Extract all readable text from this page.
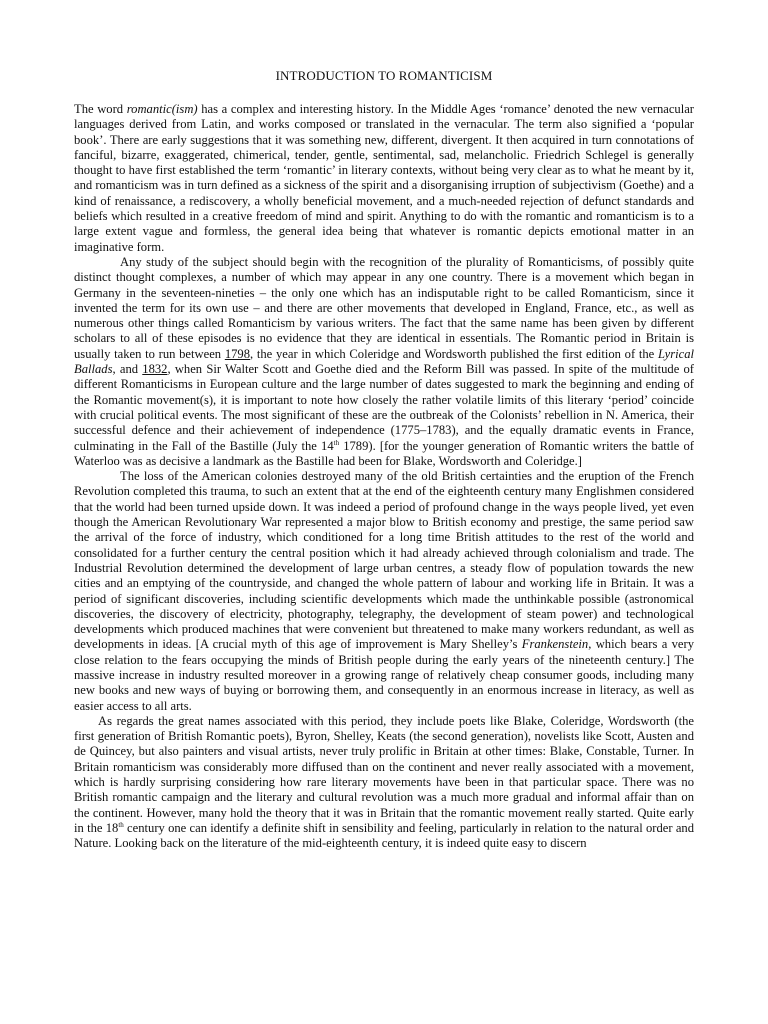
INTRODUCTION TO ROMANTICISM

The word romantic(ism) has a complex and interesting history. In the Middle Ages ‘romance’ denoted the new vernacular languages derived from Latin, and works composed or translated in the vernacular. The term also signified a ‘popular book’. There are early suggestions that it was something new, different, divergent. It then acquired in turn connotations of fanciful, bizarre, exaggerated, chimerical, tender, gentle, sentimental, sad, melancholic. Friedrich Schlegel is generally thought to have first established the term ‘romantic’ in literary contexts, without being very clear as to what he meant by it, and romanticism was in turn defined as a sickness of the spirit and a disorganising irruption of subjectivism (Goethe) and a kind of renaissance, a rediscovery, a wholly beneficial movement, and a much-needed rejection of defunct standards and beliefs which resulted in a creative freedom of mind and spirit. Anything to do with the romantic and romanticism is to a large extent vague and formless, the general idea being that whatever is romantic depicts emotional matter in an imaginative form.

Any study of the subject should begin with the recognition of the plurality of Romanticisms, of possibly quite distinct thought complexes, a number of which may appear in any one country. There is a movement which began in Germany in the seventeen-nineties – the only one which has an indisputable right to be called Romanticism, since it invented the term for its own use – and there are other movements that developed in England, France, etc., as well as numerous other things called Romanticism by various writers. The fact that the same name has been given by different scholars to all of these episodes is no evidence that they are identical in essentials. The Romantic period in Britain is usually taken to run between 1798, the year in which Coleridge and Wordsworth published the first edition of the Lyrical Ballads, and 1832, when Sir Walter Scott and Goethe died and the Reform Bill was passed. In spite of the multitude of different Romanticisms in European culture and the large number of dates suggested to mark the beginning and ending of the Romantic movement(s), it is important to note how closely the rather volatile limits of this literary ‘period’ coincide with crucial political events. The most significant of these are the outbreak of the Colonists’ rebellion in N. America, their successful defence and their achievement of independence (1775–1783), and the equally dramatic events in France, culminating in the Fall of the Bastille (July the 14th 1789). [for the younger generation of Romantic writers the battle of Waterloo was as decisive a landmark as the Bastille had been for Blake, Wordsworth and Coleridge.]

The loss of the American colonies destroyed many of the old British certainties and the eruption of the French Revolution completed this trauma, to such an extent that at the end of the eighteenth century many Englishmen considered that the world had been turned upside down. It was indeed a period of profound change in the ways people lived, yet even though the American Revolutionary War represented a major blow to British economy and prestige, the same period saw the arrival of the force of industry, which conditioned for a long time British attitudes to the rest of the world and consolidated for a further century the central position which it had already achieved through colonialism and trade. The Industrial Revolution determined the development of large urban centres, a steady flow of population towards the new cities and an emptying of the countryside, and changed the whole pattern of labour and working life in Britain. It was a period of significant discoveries, including scientific developments which made the unthinkable possible (astronomical discoveries, the discovery of electricity, photography, telegraphy, the development of steam power) and technological developments which produced machines that were convenient but threatened to make many workers redundant, as well as developments in ideas. [A crucial myth of this age of improvement is Mary Shelley’s Frankenstein, which bears a very close relation to the fears occupying the minds of British people during the early years of the nineteenth century.] The massive increase in industry resulted moreover in a growing range of relatively cheap consumer goods, including many new books and new ways of buying or borrowing them, and consequently in an enormous increase in literacy, as well as easier access to all arts.

As regards the great names associated with this period, they include poets like Blake, Coleridge, Wordsworth (the first generation of British Romantic poets), Byron, Shelley, Keats (the second generation), novelists like Scott, Austen and de Quincey, but also painters and visual artists, never truly prolific in Britain at other times: Blake, Constable, Turner. In Britain romanticism was considerably more diffused than on the continent and never really associated with a movement, which is hardly surprising considering how rare literary movements have been in that particular space. There was no British romantic campaign and the literary and cultural revolution was a much more gradual and informal affair than on the continent. However, many hold the theory that it was in Britain that the romantic movement really started. Quite early in the 18th century one can identify a definite shift in sensibility and feeling, particularly in relation to the natural order and Nature. Looking back on the literature of the mid-eighteenth century, it is indeed quite easy to discern
